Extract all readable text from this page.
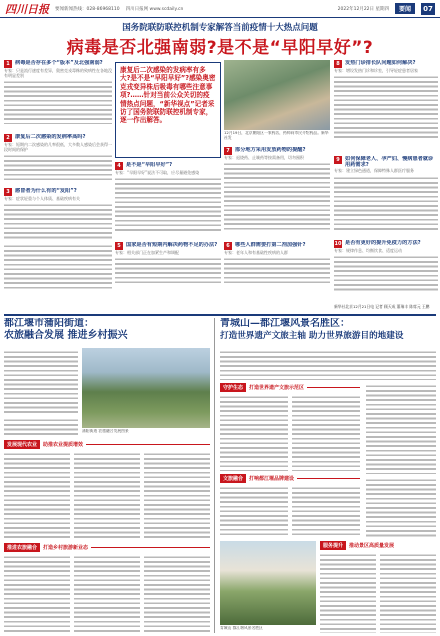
四川日报 要闻新闻热线：028-86968110 四川日报网 www.scdaily.cn	2022年12月22日 星期四	要闻	07
国务院联防联控机制专家解答当前疫情十大热点问题
病毒是否北强南弱?是不是“早阳早好”?
1	病毒是否存在多个“版本”及北强南弱?
专家：只是流行速度有差异，奥密克戎毒株的致病性在各地没有明显差别
康复后二次感染的发病率有多大?是不是“早阳早好”?感染奥密克戎变异株后吸毒有哪些注意事项?……针对当前公众关切的疫情热点问题，“新华视点”记者采访了国务院联防联控机制专家，逐一作出解答。
12月19日，北京朝阳区一家药店，药师向市民介绍药品。新华社发
8	发热门诊排长队问题如何解决?
专家：增设发热门诊和诊室，引导轻症患者居家
2	康复后二次感染的发病率高吗?
专家：短期内二次感染的几率很低，大多数人感染后会获得一段时间的保护
4	是不是“早阳早好”?
专家：“早阳早好”说法不可取，应尽量避免感染
7	部分地方采用发放药物的提醒?
专家：退烧药、止咳药等按需备用，切勿囤积	9	如何保障老人、孕产妇、慢病患者就诊用药需求?
专家：建立绿色通道，保障特殊人群医疗服务
3	感冒者为什么有的“发阳”?
专家：症状轻重与个人体质、基础疾病有关
5	国家是否有短期内解决药物不足的办法?
专家：相关部门正在加紧生产和调配
6	哪些人群需要打第二剂加强针?
专家：老年人和有基础性疾病的人群
10 是否有更好的提升免疫力的方法?
专家：规律作息、均衡饮食、适度运动
新华社北京12月21日电 记者 顾天成 董瑞丰 陈席元 王鹏
都江堰市蒲阳街道：
农旅融合发展 推进乡村振兴
蒲阳街道 农旅融合发展图景
发展现代农业	助推农业提质增效
推进农旅融合	打造乡村旅游新业态
青城山—都江堰风景名胜区：
打造世界遗产文旅主轴 助力世界旅游目的地建设
守护生态	打造世界遗产文旅示范区
文旅融合	打响都江堰品牌建设
青城山 都江堰风景名胜区
服务提升	推动景区高质量发展
